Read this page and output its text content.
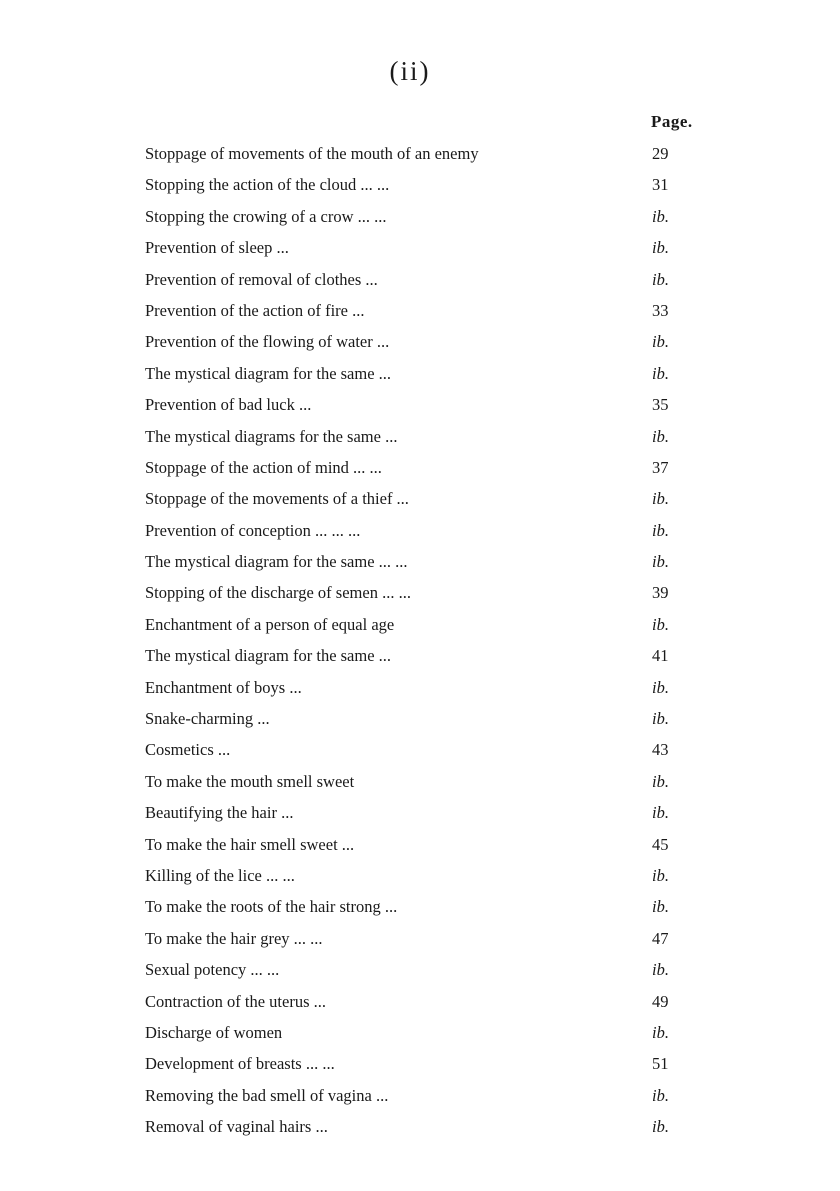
(ii)
Page.
Stoppage of movements of the mouth of an enemy	29
Stopping the action of the cloud ... ...	31
Stopping the crowing of a crow ... ...	ib.
Prevention of sleep ...	ib.
Prevention of removal of clothes ...	ib.
Prevention of the action of fire ...	33
Prevention of the flowing of water ...	ib.
The mystical diagram for the same ...	ib.
Prevention of bad luck ...	35
The mystical diagrams for the same ...	ib.
Stoppage of the action of mind ... ...	37
Stoppage of the movements of a thief ...	ib.
Prevention of conception ... ... ...	ib.
The mystical diagram for the same ... ...	ib.
Stopping of the discharge of semen ... ...	39
Enchantment of a person of equal age	ib.
The mystical diagram for the same ...	41
Enchantment of boys ...	ib.
Snake-charming ...	ib.
Cosmetics ...	43
To make the mouth smell sweet	ib.
Beautifying the hair ...	ib.
To make the hair smell sweet ...	45
Killing of the lice ... ...	ib.
To make the roots of the hair strong ...	ib.
To make the hair grey ... ...	47
Sexual potency ... ...	ib.
Contraction of the uterus ...	49
Discharge of women	ib.
Development of breasts ... ...	51
Removing the bad smell of vagina ...	ib.
Removal of vaginal hairs ...	ib.
